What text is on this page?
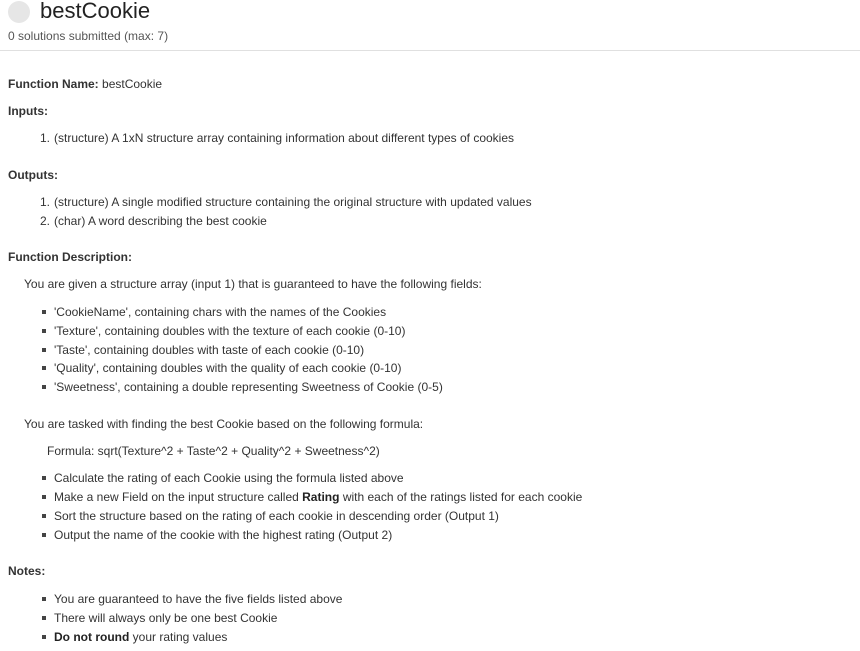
bestCookie
0 solutions submitted (max: 7)
Function Name: bestCookie
Inputs:
1. (structure) A 1xN structure array containing information about different types of cookies
Outputs:
1. (structure) A single modified structure containing the original structure with updated values
2. (char) A word describing the best cookie
Function Description:
You are given a structure array (input 1) that is guaranteed to have the following fields:
'CookieName', containing chars with the names of the Cookies
'Texture', containing doubles with the texture of each cookie (0-10)
'Taste', containing doubles with taste of each cookie (0-10)
'Quality', containing doubles with the quality of each cookie (0-10)
'Sweetness', containing a double representing Sweetness of Cookie (0-5)
You are tasked with finding the best Cookie based on the following formula:
Formula: sqrt(Texture^2 + Taste^2 + Quality^2 + Sweetness^2)
Calculate the rating of each Cookie using the formula listed above
Make a new Field on the input structure called Rating with each of the ratings listed for each cookie
Sort the structure based on the rating of each cookie in descending order (Output 1)
Output the name of the cookie with the highest rating (Output 2)
Notes:
You are guaranteed to have the five fields listed above
There will always only be one best Cookie
Do not round your rating values
